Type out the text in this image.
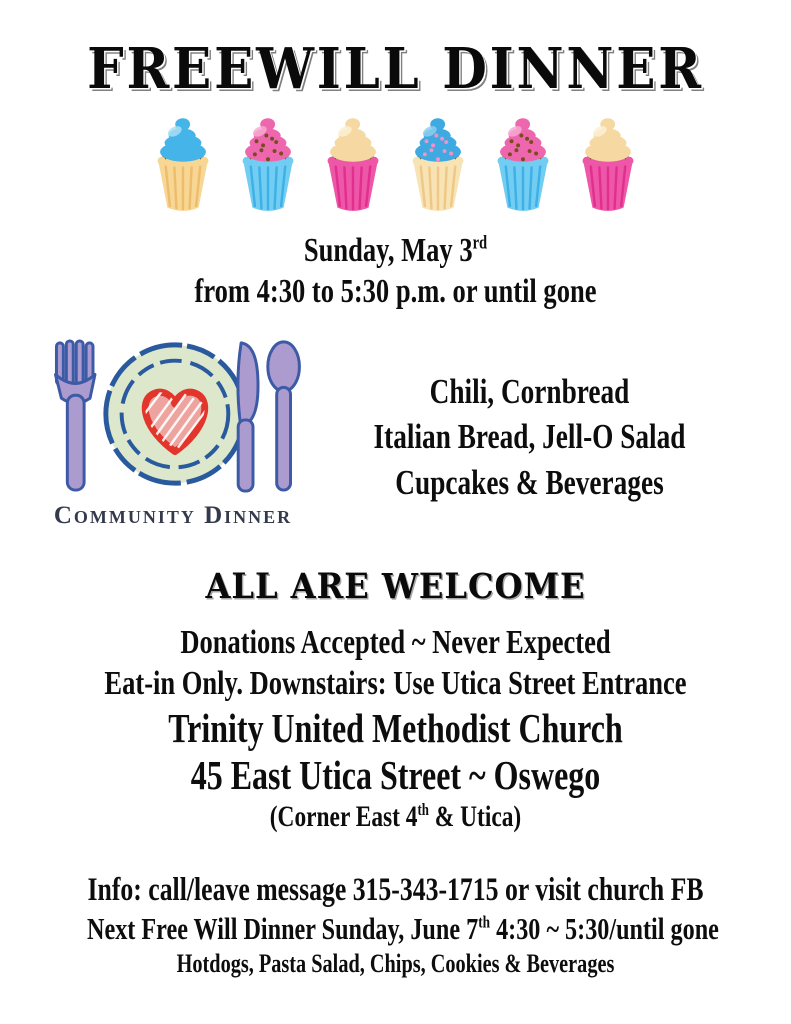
FREEWILL DINNER
Sunday, May 3rd
from 4:30 to 5:30 p.m. or until gone
Community Dinner
Chili, Cornbread
Italian Bread, Jell-O Salad
Cupcakes & Beverages
ALL ARE WELCOME
Donations Accepted ~ Never Expected
Eat-in Only. Downstairs: Use Utica Street Entrance
Trinity United Methodist Church
45 East Utica Street ~ Oswego
(Corner East 4th & Utica)
Info: call/leave message 315-343-1715 or visit church FB
Next Free Will Dinner Sunday, June 7th 4:30 ~ 5:30/until gone
Hotdogs, Pasta Salad, Chips, Cookies & Beverages
